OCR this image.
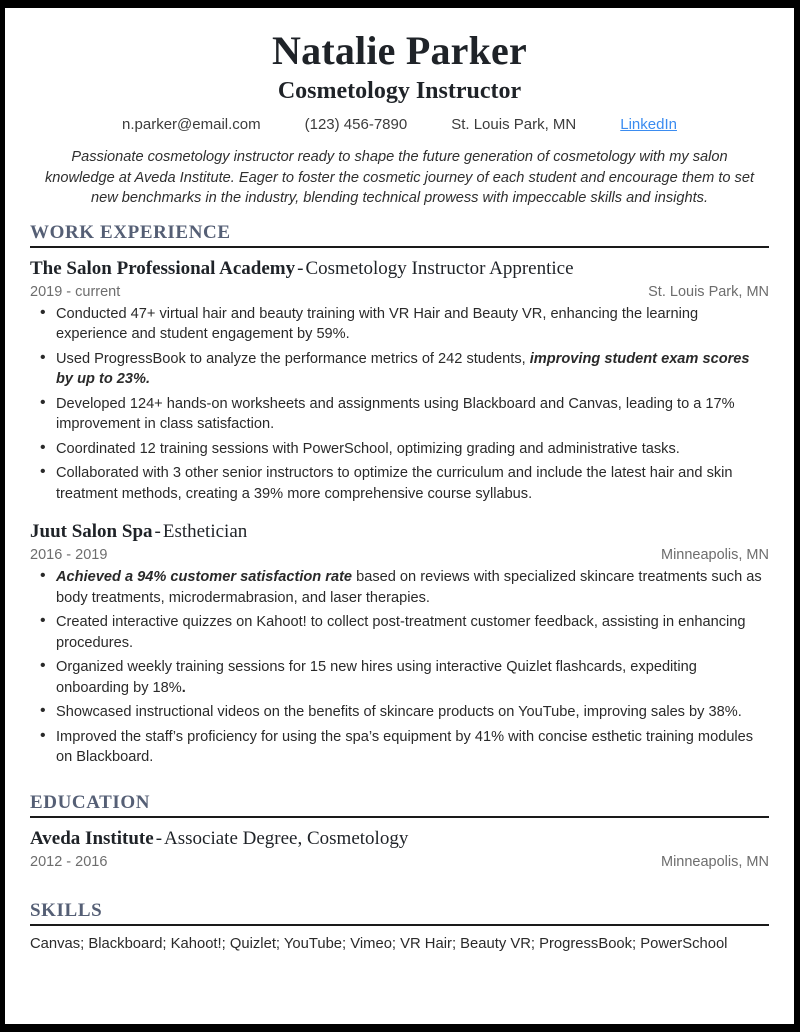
Natalie Parker
Cosmetology Instructor
n.parker@email.com	(123) 456-7890	St. Louis Park, MN	LinkedIn
Passionate cosmetology instructor ready to shape the future generation of cosmetology with my salon knowledge at Aveda Institute. Eager to foster the cosmetic journey of each student and encourage them to set new benchmarks in the industry, blending technical prowess with impeccable skills and insights.
WORK EXPERIENCE
The Salon Professional Academy - Cosmetology Instructor Apprentice
2019 - current	St. Louis Park, MN
• Conducted 47+ virtual hair and beauty training with VR Hair and Beauty VR, enhancing the learning experience and student engagement by 59%.
• Used ProgressBook to analyze the performance metrics of 242 students, improving student exam scores by up to 23%.
• Developed 124+ hands-on worksheets and assignments using Blackboard and Canvas, leading to a 17% improvement in class satisfaction.
• Coordinated 12 training sessions with PowerSchool, optimizing grading and administrative tasks.
• Collaborated with 3 other senior instructors to optimize the curriculum and include the latest hair and skin treatment methods, creating a 39% more comprehensive course syllabus.
Juut Salon Spa - Esthetician
2016 - 2019	Minneapolis, MN
• Achieved a 94% customer satisfaction rate based on reviews with specialized skincare treatments such as body treatments, microdermabrasion, and laser therapies.
• Created interactive quizzes on Kahoot! to collect post-treatment customer feedback, assisting in enhancing procedures.
• Organized weekly training sessions for 15 new hires using interactive Quizlet flashcards, expediting onboarding by 18%.
• Showcased instructional videos on the benefits of skincare products on YouTube, improving sales by 38%.
• Improved the staff’s proficiency for using the spa’s equipment by 41% with concise esthetic training modules on Blackboard.
EDUCATION
Aveda Institute - Associate Degree, Cosmetology
2012 - 2016	Minneapolis, MN
SKILLS
Canvas; Blackboard; Kahoot!; Quizlet; YouTube; Vimeo; VR Hair; Beauty VR; ProgressBook; PowerSchool
